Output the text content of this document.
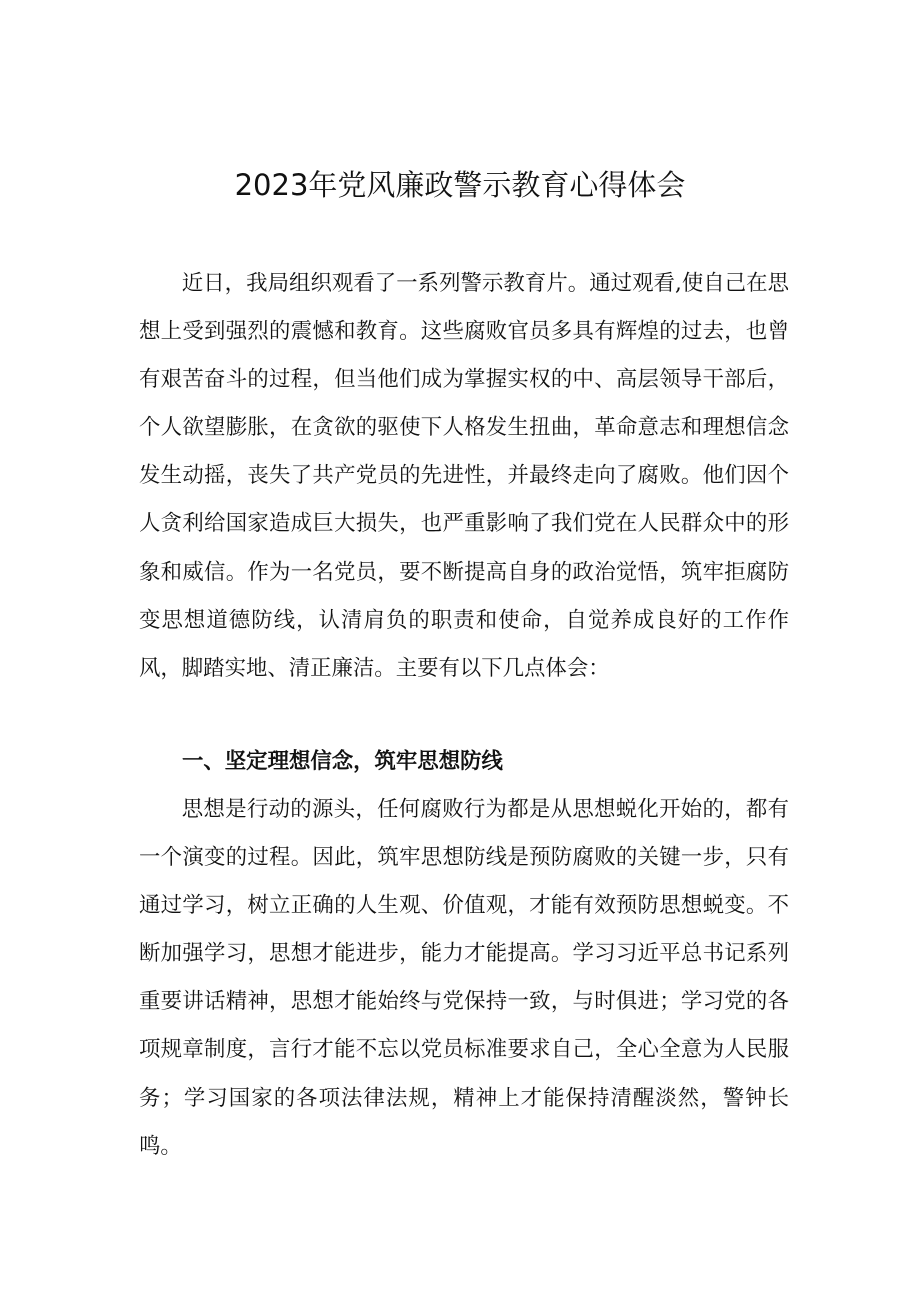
2023年党风廉政警示教育心得体会

近日，我局组织观看了一系列警示教育片。通过观看,使自己在思想上受到强烈的震憾和教育。这些腐败官员多具有辉煌的过去，也曾有艰苦奋斗的过程，但当他们成为掌握实权的中、高层领导干部后，个人欲望膨胀，在贪欲的驱使下人格发生扭曲，革命意志和理想信念发生动摇，丧失了共产党员的先进性，并最终走向了腐败。他们因个人贪利给国家造成巨大损失，也严重影响了我们党在人民群众中的形象和威信。作为一名党员，要不断提高自身的政治觉悟，筑牢拒腐防变思想道德防线，认清肩负的职责和使命，自觉养成良好的工作作风，脚踏实地、清正廉洁。主要有以下几点体会：

一、坚定理想信念，筑牢思想防线

思想是行动的源头，任何腐败行为都是从思想蜕化开始的，都有一个演变的过程。因此，筑牢思想防线是预防腐败的关键一步，只有通过学习，树立正确的人生观、价值观，才能有效预防思想蜕变。不断加强学习，思想才能进步，能力才能提高。学习习近平总书记系列重要讲话精神，思想才能始终与党保持一致，与时俱进；学习党的各项规章制度，言行才能不忘以党员标准要求自己，全心全意为人民服务；学习国家的各项法律法规，精神上才能保持清醒淡然，警钟长鸣。
